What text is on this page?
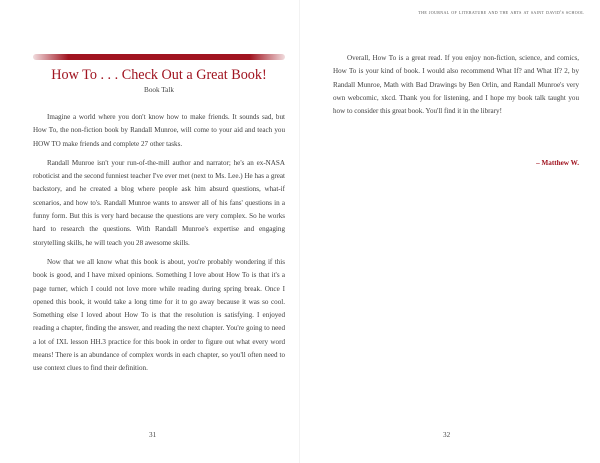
How To . . . Check Out a Great Book!
Book Talk

Imagine a world where you don't know how to make friends. It sounds sad, but How To, the non-fiction book by Randall Munroe, will come to your aid and teach you HOW TO make friends and complete 27 other tasks.

Randall Munroe isn't your run-of-the-mill author and narrator; he's an ex-NASA roboticist and the second funniest teacher I've ever met (next to Ms. Lee.) He has a great backstory, and he created a blog where people ask him absurd questions, what-if scenarios, and how to's. Randall Munroe wants to answer all of his fans' questions in a funny form. But this is very hard because the questions are very complex. So he works hard to research the questions. With Randall Munroe's expertise and engaging storytelling skills, he will teach you 28 awesome skills.

Now that we all know what this book is about, you're probably wondering if this book is good, and I have mixed opinions. Something I love about How To is that it's a page turner, which I could not love more while reading during spring break. Once I opened this book, it would take a long time for it to go away because it was so cool. Something else I loved about How To is that the resolution is satisfying. I enjoyed reading a chapter, finding the answer, and reading the next chapter. You're going to need a lot of IXL lesson HH.3 practice for this book in order to figure out what every word means! There is an abundance of complex words in each chapter, so you'll often need to use context clues to find their definition.

31
the journal of literature and the arts at saint david's school

Overall, How To is a great read. If you enjoy non-fiction, science, and comics, How To is your kind of book. I would also recommend What If? and What If? 2, by Randall Munroe, Math with Bad Drawings by Ben Orlin, and Randall Munroe's very own webcomic, xkcd. Thank you for listening, and I hope my book talk taught you how to consider this great book. You'll find it in the library!

– Matthew W.
32
